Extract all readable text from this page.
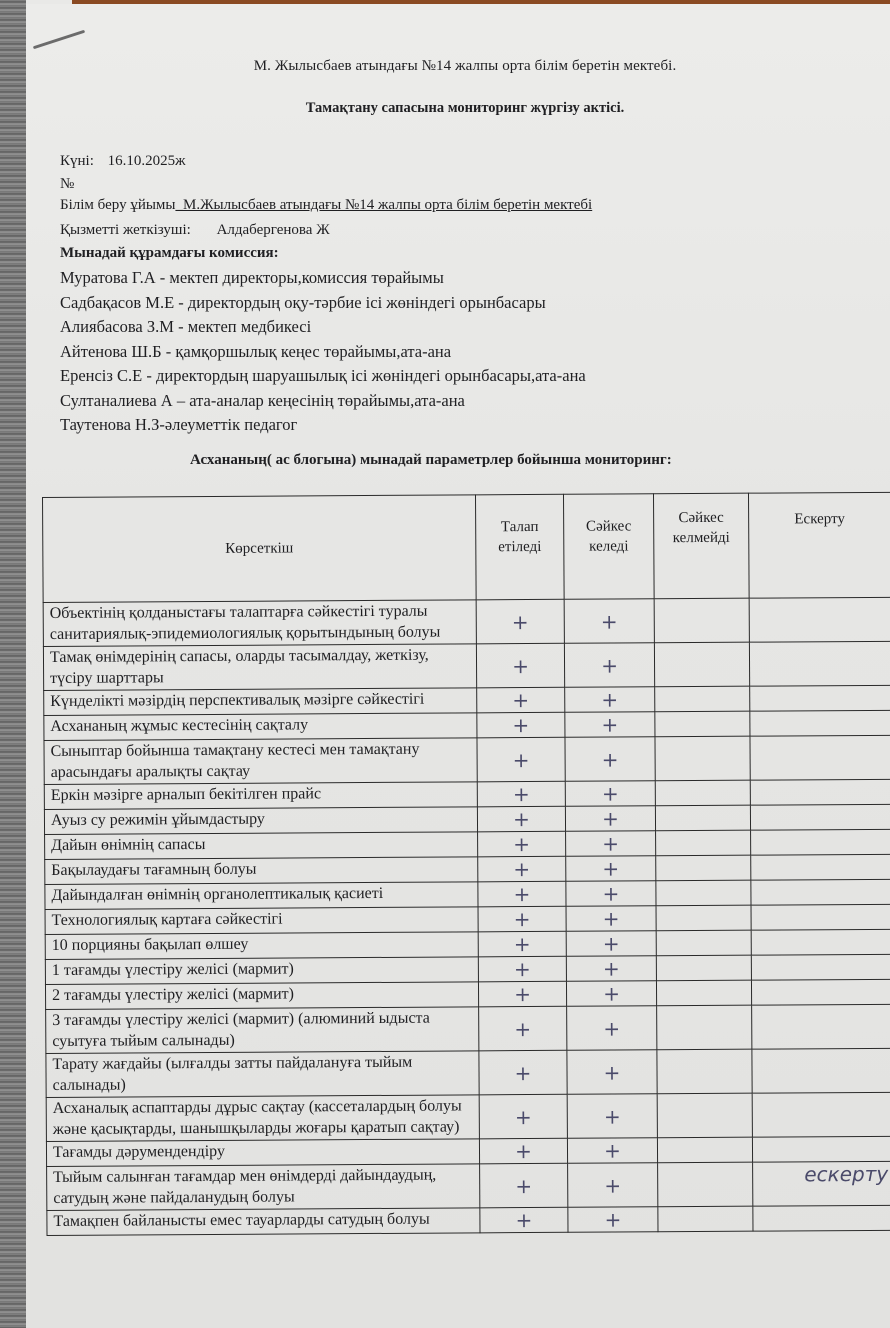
М. Жылысбаев атындағы №14 жалпы орта білім беретін мектебі.
Тамақтану сапасына мониторинг жүргізу актісі.
Күні: 16.10.2025ж
№
Білім беру ұйымы_М.Жылысбаев атындағы №14 жалпы орта білім беретін мектебі
Қызметті жеткізуші: Алдабергенова Ж
Мынадай құрамдағы комиссия:
Муратова Г.А - мектеп директоры,комиссия төрайымы
Садбақасов М.Е - директордың оқу-тәрбие ісі жөніндегі орынбасары
Алиябасова З.М - мектеп медбикесі
Айтенова Ш.Б - қамқоршылық кеңес төрайымы,ата-ана
Еренсіз С.Е - директордың шаруашылық ісі жөніндегі орынбасары,ата-ана
Султаналиева А – ата-аналар кеңесінің төрайымы,ата-ана
Таутенова Н.З-әлеуметтік педагог
Асхананың( ас блогына) мынадай параметрлер бойынша мониторинг:
Көрсеткіш	Талап етіледі	Сәйкес келеді	Сәйкес келмейді	Ескерту
Объектінің қолданыстағы талаптарға сәйкестігі туралы санитариялық-эпидемиологиялық қорытындының болуы	+	+		
Тамақ өнімдерінің сапасы, оларды тасымалдау, жеткізу, түсіру шарттары	+	+		
Күнделікті мәзірдің перспективалық мәзірге сәйкестігі	+	+		
Асхананың жұмыс кестесінің сақталу	+	+		
Сыныптар бойынша тамақтану кестесі мен тамақтану арасындағы аралықты сақтау	+	+		
Еркін мәзірге арналып бекітілген прайс	+	+		
Ауыз су режимін ұйымдастыру	+	+		
Дайын өнімнің сапасы	+	+		
Бақылаудағы тағамның болуы	+	+		
Дайындалған өнімнің органолептикалық қасиеті	+	+		
Технологиялық картаға сәйкестігі	+	+		
10 порцияны бақылап өлшеу	+	+		
1 тағамды үлестіру желісі (мармит)	+	+		
2 тағамды үлестіру желісі (мармит)	+	+		
3 тағамды үлестіру желісі (мармит) (алюминий ыдыста суытуға тыйым салынады)	+	+		
Тарату жағдайы (ылғалды затты пайдалануға тыйым салынады)	+	+		
Асханалық аспаптарды дұрыс сақтау (кассеталардың болуы және қасықтарды, шанышқыларды жоғары қаратып сақтау)	+	+		
Тағамды дәрумендендіру	+	+		
Тыйым салынған тағамдар мен өнімдерді дайындаудың, сатудың және пайдаланудың болуы	+	+		ескерту
Тамақпен байланысты емес тауарларды сатудың болуы	+	+		
